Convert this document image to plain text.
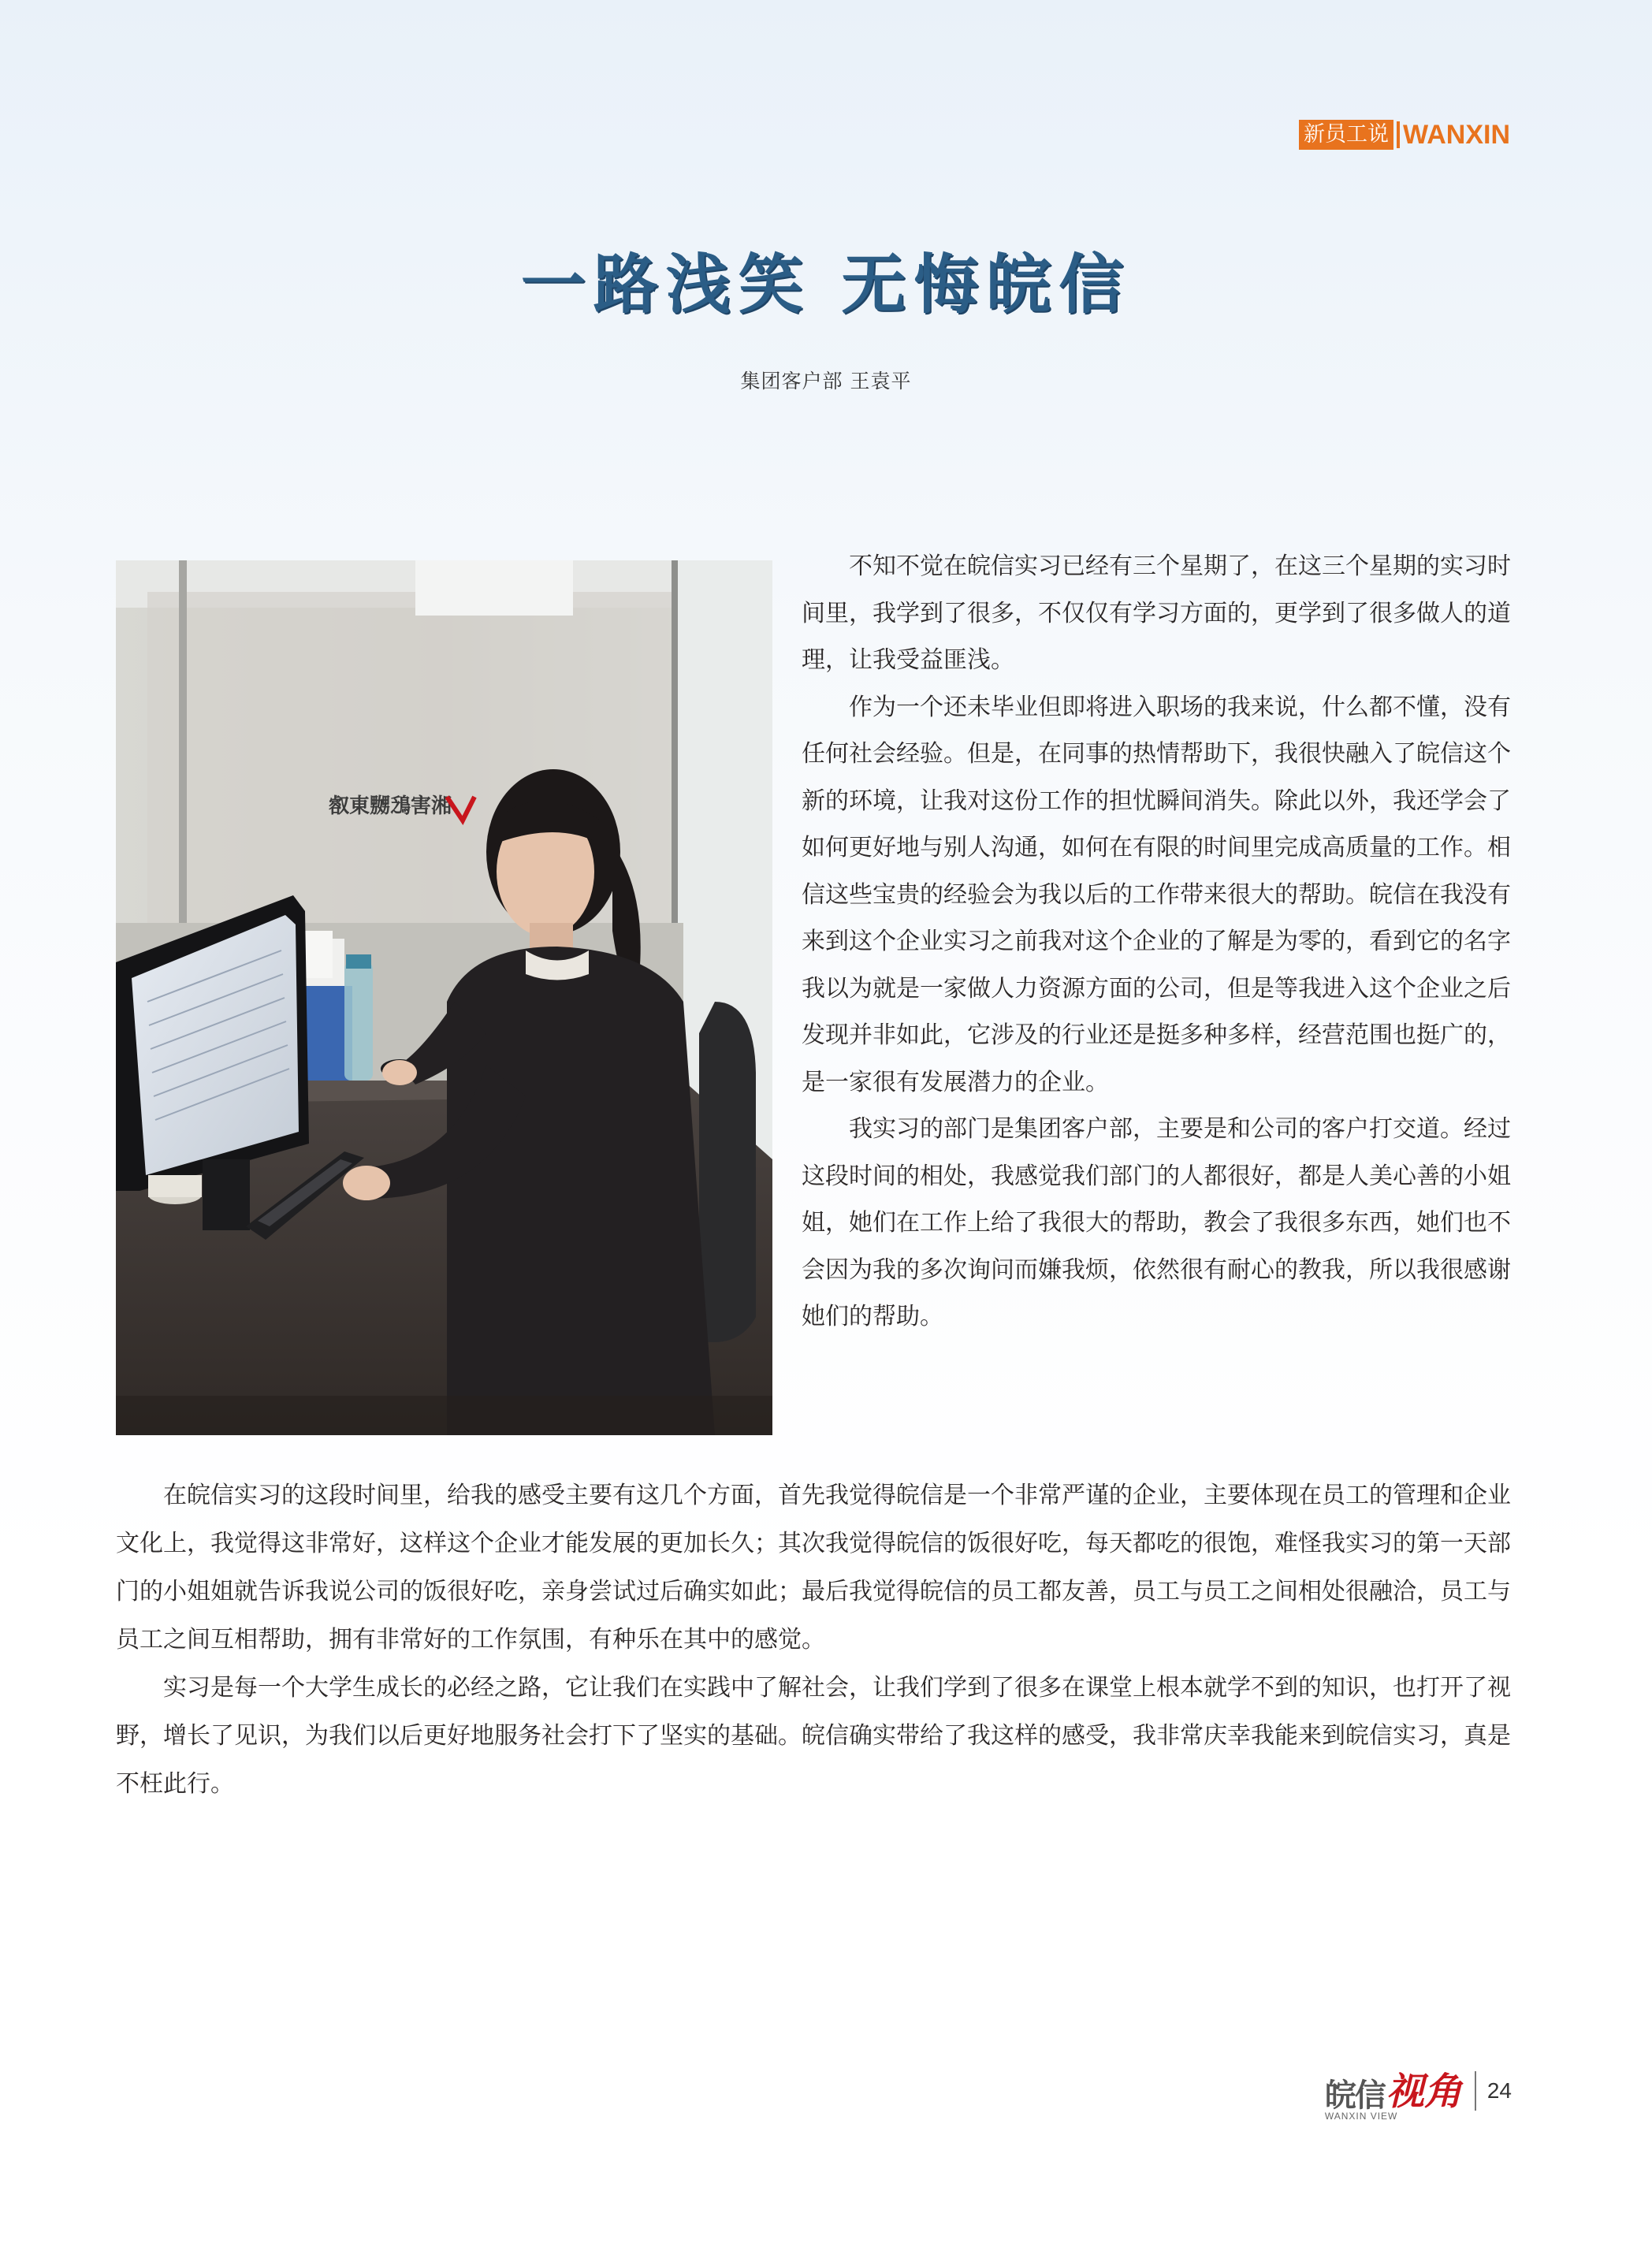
新员工说 WANXIN
一路浅笑 无悔皖信
集团客户部 王袁平
㕡東嬲鴔害湘

不知不觉在皖信实习已经有三个星期了，在这三个星期的实习时间里，我学到了很多，不仅仅有学习方面的，更学到了很多做人的道理，让我受益匪浅。

作为一个还未毕业但即将进入职场的我来说，什么都不懂，没有任何社会经验。但是，在同事的热情帮助下，我很快融入了皖信这个新的环境，让我对这份工作的担忧瞬间消失。除此以外，我还学会了如何更好地与别人沟通，如何在有限的时间里完成高质量的工作。相信这些宝贵的经验会为我以后的工作带来很大的帮助。皖信在我没有来到这个企业实习之前我对这个企业的了解是为零的，看到它的名字我以为就是一家做人力资源方面的公司，但是等我进入这个企业之后发现并非如此，它涉及的行业还是挺多种多样，经营范围也挺广的，是一家很有发展潜力的企业。

我实习的部门是集团客户部，主要是和公司的客户打交道。经过这段时间的相处，我感觉我们部门的人都很好，都是人美心善的小姐姐，她们在工作上给了我很大的帮助，教会了我很多东西，她们也不会因为我的多次询问而嫌我烦，依然很有耐心的教我，所以我很感谢她们的帮助。

在皖信实习的这段时间里，给我的感受主要有这几个方面，首先我觉得皖信是一个非常严谨的企业，主要体现在员工的管理和企业文化上，我觉得这非常好，这样这个企业才能发展的更加长久；其次我觉得皖信的饭很好吃，每天都吃的很饱，难怪我实习的第一天部门的小姐姐就告诉我说公司的饭很好吃，亲身尝试过后确实如此；最后我觉得皖信的员工都友善，员工与员工之间相处很融洽，员工与员工之间互相帮助，拥有非常好的工作氛围，有种乐在其中的感觉。

实习是每一个大学生成长的必经之路，它让我们在实践中了解社会，让我们学到了很多在课堂上根本就学不到的知识，也打开了视野，增长了见识，为我们以后更好地服务社会打下了坚实的基础。皖信确实带给了我这样的感受，我非常庆幸我能来到皖信实习，真是不枉此行。

皖信 视角
WANXIN VIEW
24
